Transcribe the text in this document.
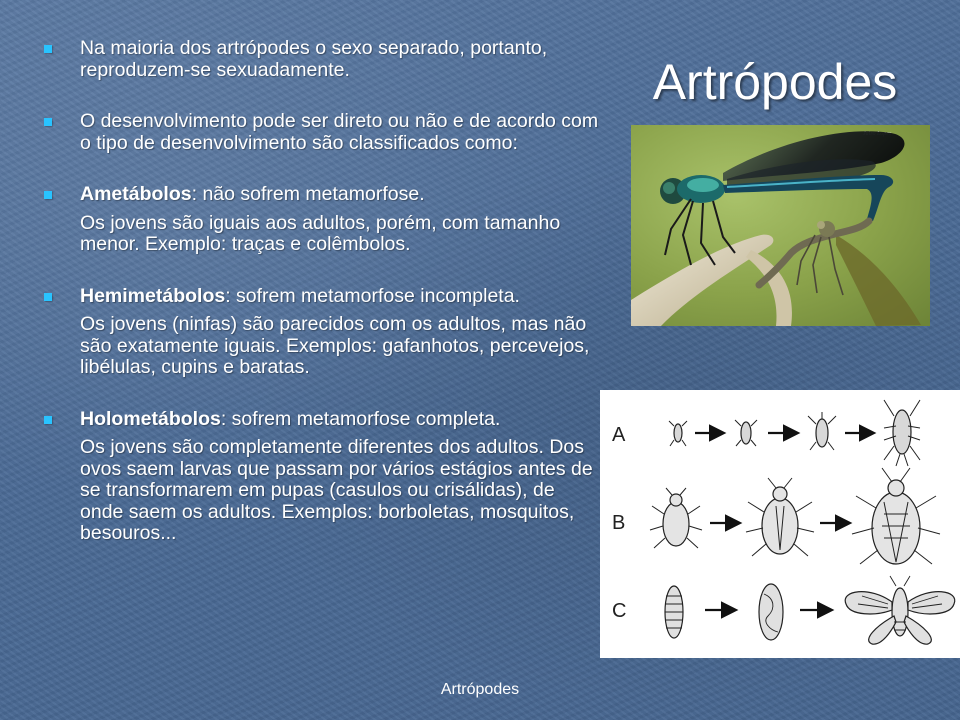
Artrópodes

Na maioria dos artrópodes o sexo separado, portanto, reproduzem-se sexuadamente.

O desenvolvimento pode ser direto ou não e de acordo com o tipo de desenvolvimento são classificados como:

Ametábolos: não sofrem metamorfose.

Os jovens são iguais aos adultos, porém, com tamanho menor. Exemplo: traças e colêmbolos.

Hemimetábolos: sofrem metamorfose incompleta.

Os jovens (ninfas) são parecidos com os adultos, mas não são exatamente iguais. Exemplos: gafanhotos, percevejos, libélulas, cupins e baratas.

Holometábolos: sofrem metamorfose completa.

Os jovens são completamente diferentes dos adultos. Dos ovos saem larvas que passam por vários estágios antes de se transformarem em pupas (casulos ou crisálidas), de onde saem os adultos. Exemplos: borboletas, mosquitos, besouros...

A
B
C
Artrópodes
